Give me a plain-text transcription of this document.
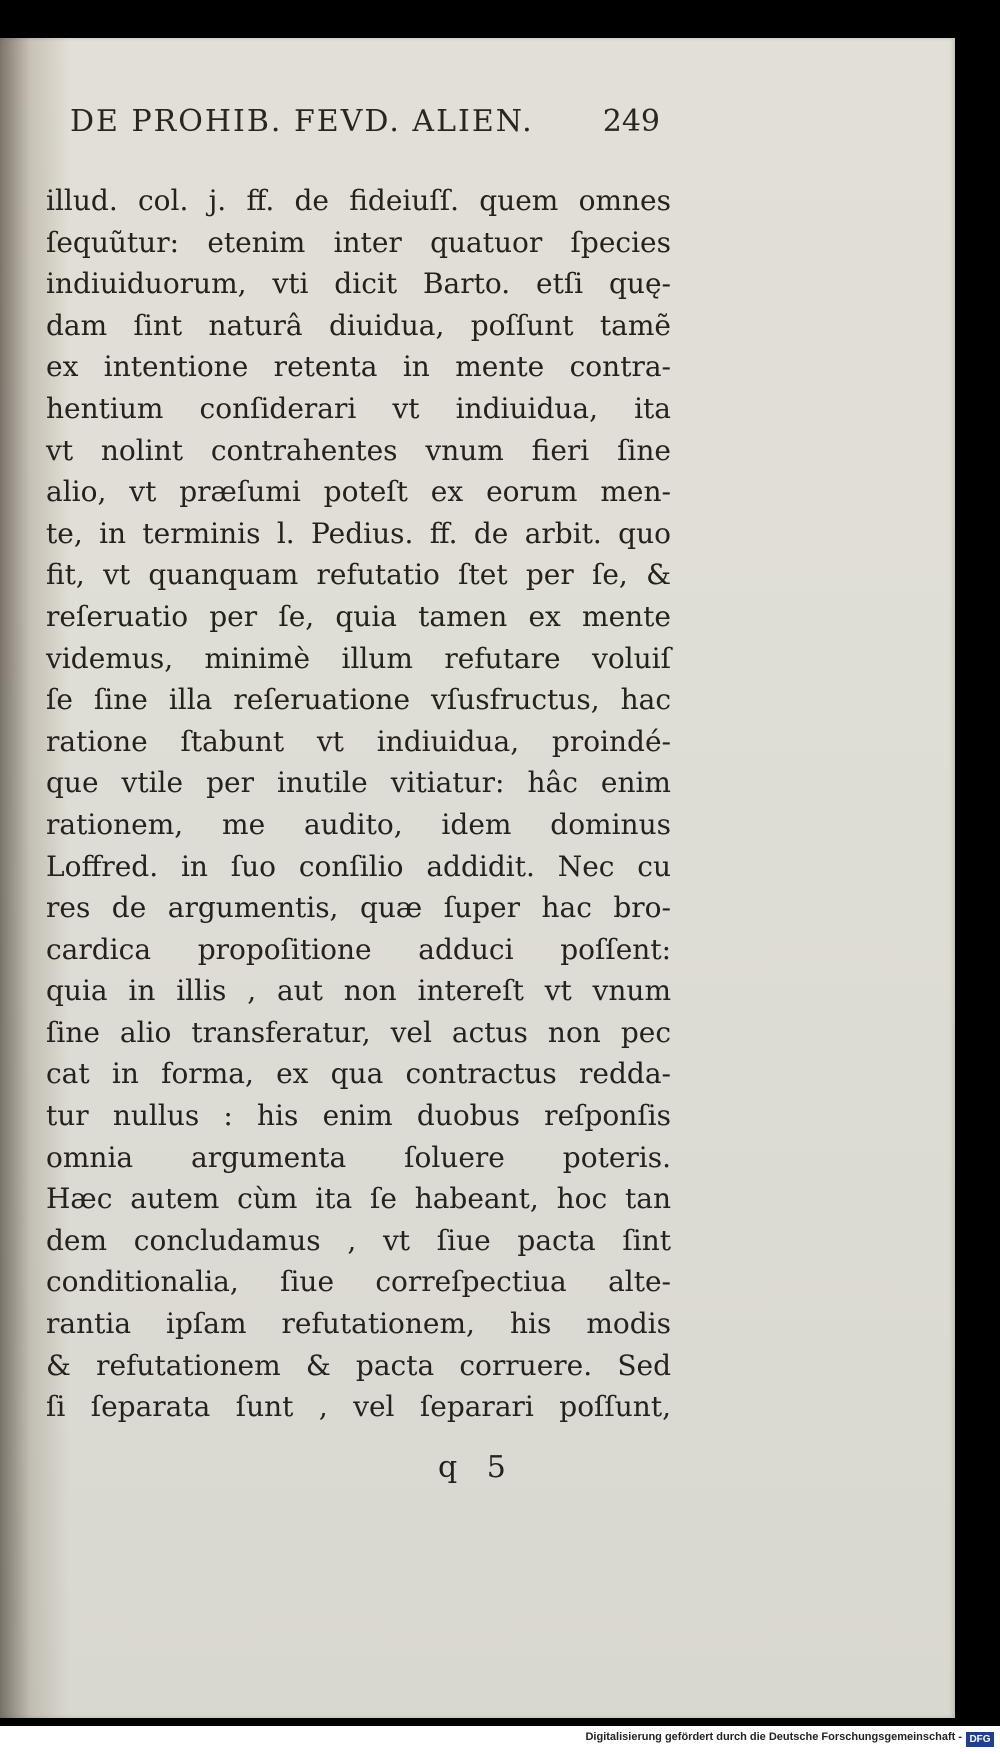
DE PROHIB. FEVD. ALIEN. 249
illud. col. j. ff. de fideiuſſ. quem omnes
ſequũtur: etenim inter quatuor ſpecies
indiuiduorum, vti dicit Barto. etſi quę-
dam ſint naturâ diuidua, poſſunt tamẽ
ex intentione retenta in mente contra-
hentium conſiderari vt indiuidua, ita
vt nolint contrahentes vnum fieri ſine
alio, vt præſumi poteſt ex eorum men-
te, in terminis l. Pedius. ff. de arbit. quo
fit, vt quanquam refutatio ſtet per ſe, &
reſeruatio per ſe, quia tamen ex mente
videmus, minimè illum refutare voluiſ
ſe ſine illa reſeruatione vſusfructus, hac
ratione ſtabunt vt indiuidua, proindé-
que vtile per inutile vitiatur: hâc enim
rationem, me audito, idem dominus
Loffred. in ſuo conſilio addidit. Nec cu
res de argumentis, quæ ſuper hac bro-
cardica propoſitione adduci poſſent:
quia in illis , aut non intereſt vt vnum
ſine alio transferatur, vel actus non pec
cat in forma, ex qua contractus redda-
tur nullus : his enim duobus reſponſis
omnia argumenta ſoluere poteris.
Hæc autem cùm ita ſe habeant, hoc tan
dem concludamus , vt ſiue pacta ſint
conditionalia, ſiue correſpectiua alte-
rantia ipſam refutationem, his modis
& refutationem & pacta corruere. Sed
ſi ſeparata ſunt , vel ſeparari poſſunt,
q 5
Digitalisierung gefördert durch die Deutsche Forschungsgemeinschaft - DFG
